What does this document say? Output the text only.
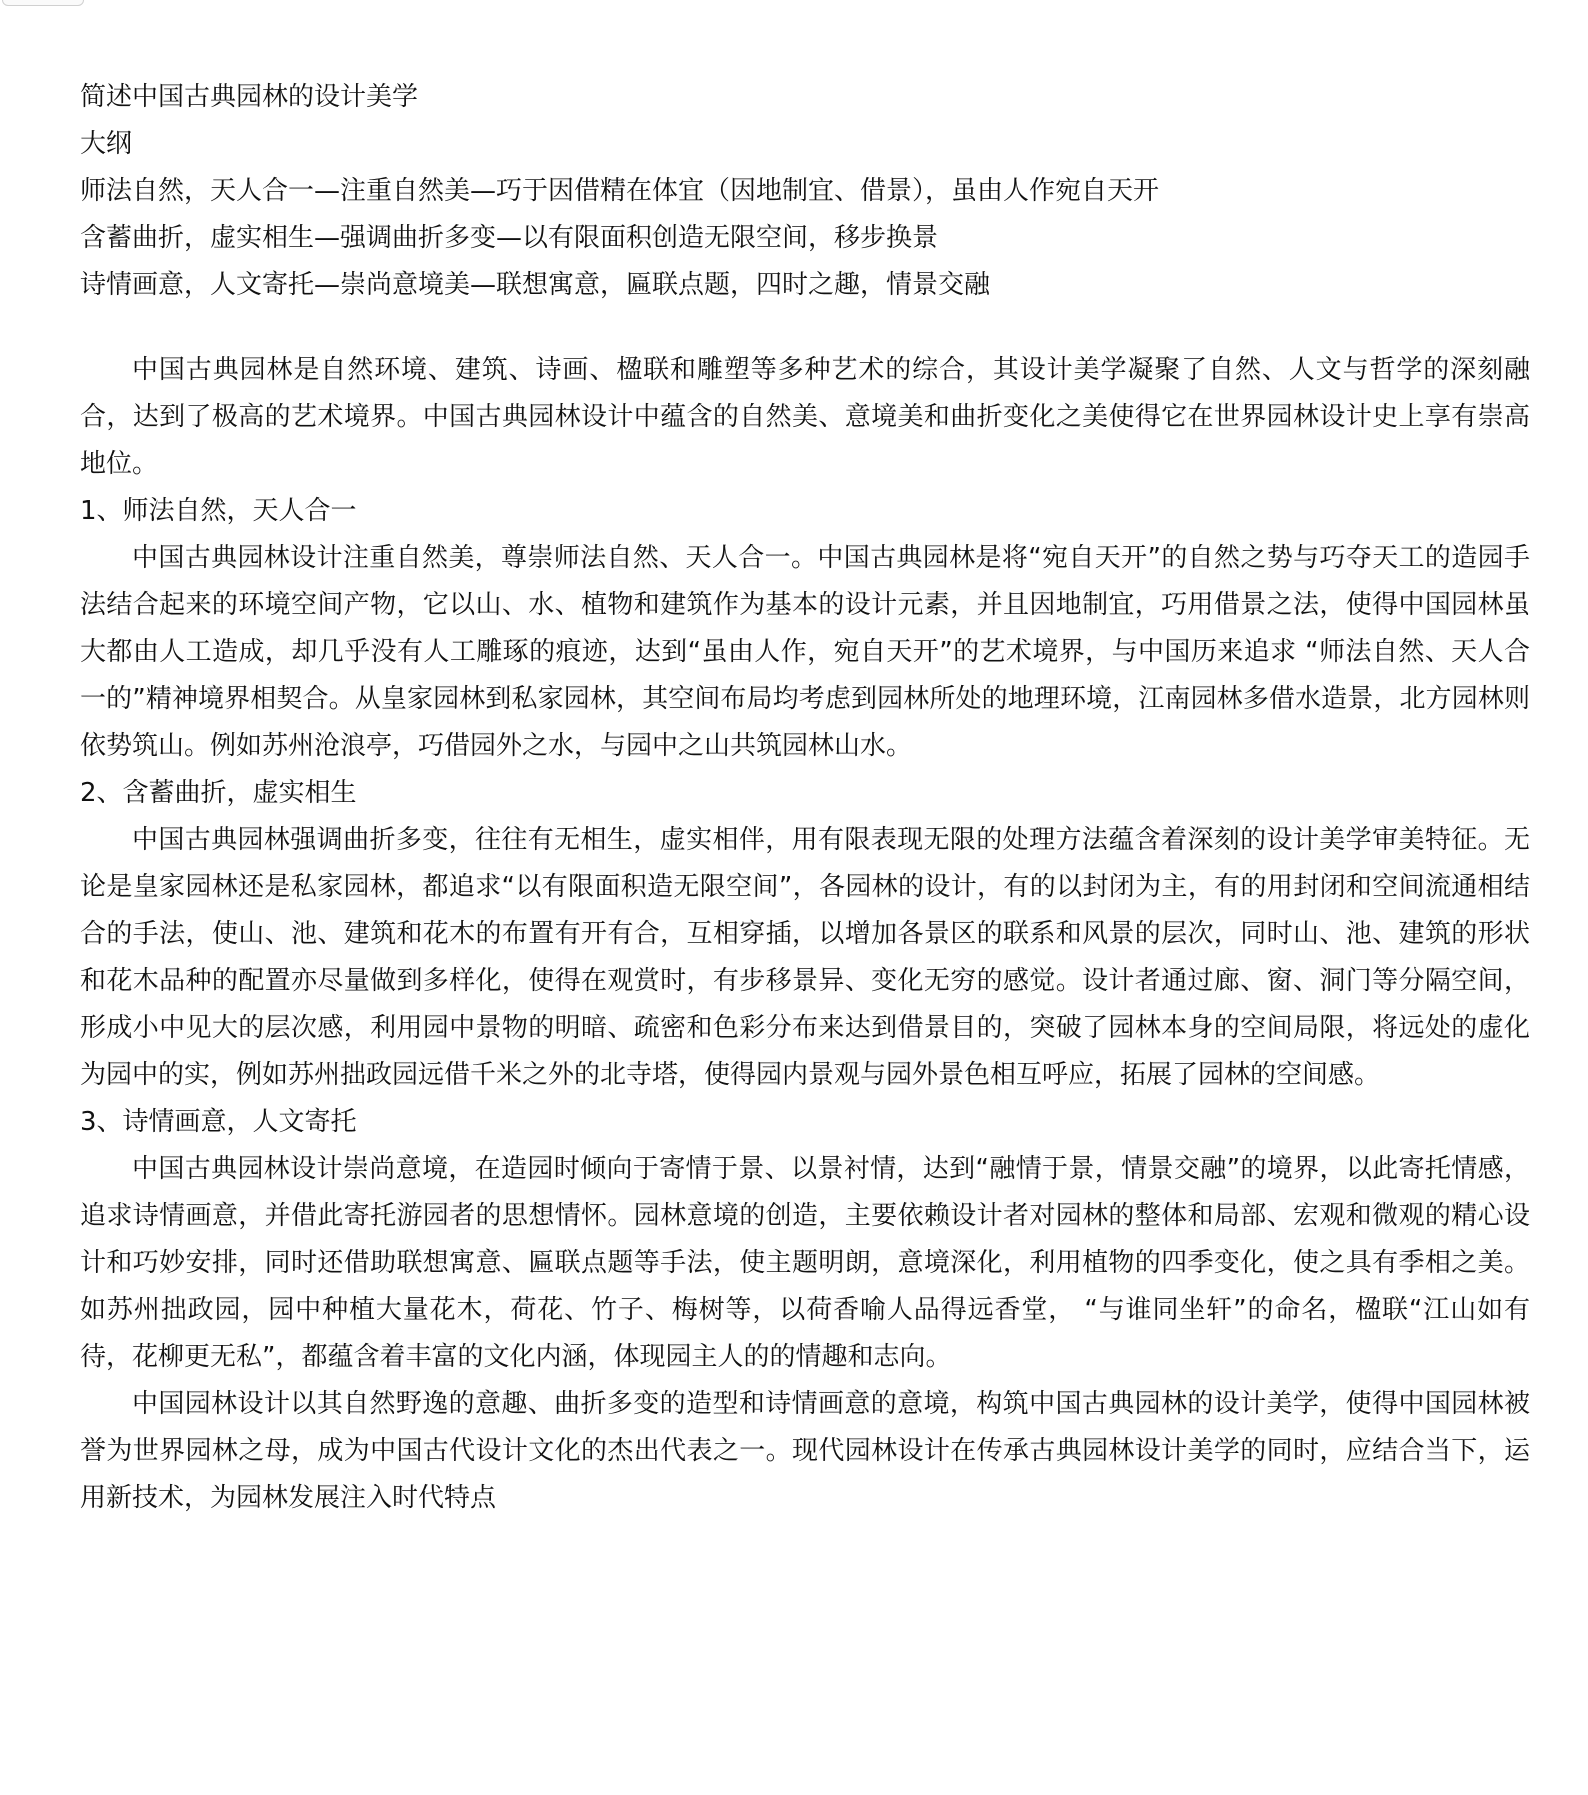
简述中国古典园林的设计美学
大纲
师法自然，天人合一—注重自然美—巧于因借精在体宜（因地制宜、借景），虽由人作宛自天开
含蓄曲折，虚实相生—强调曲折多变—以有限面积创造无限空间，移步换景
诗情画意，人文寄托—崇尚意境美—联想寓意，匾联点题，四时之趣，情景交融

中国古典园林是自然环境、建筑、诗画、楹联和雕塑等多种艺术的综合，其设计美学凝聚了自然、人文与哲学的深刻融合，达到了极高的艺术境界。中国古典园林设计中蕴含的自然美、意境美和曲折变化之美使得它在世界园林设计史上享有崇高地位。

1、师法自然，天人合一

中国古典园林设计注重自然美，尊崇师法自然、天人合一。中国古典园林是将“宛自天开”的自然之势与巧夺天工的造园手法结合起来的环境空间产物，它以山、水、植物和建筑作为基本的设计元素，并且因地制宜，巧用借景之法，使得中国园林虽大都由人工造成，却几乎没有人工雕琢的痕迹，达到“虽由人作，宛自天开”的艺术境界，与中国历来追求 “师法自然、天人合一的”精神境界相契合。从皇家园林到私家园林，其空间布局均考虑到园林所处的地理环境，江南园林多借水造景，北方园林则依势筑山。例如苏州沧浪亭，巧借园外之水，与园中之山共筑园林山水。

2、含蓄曲折，虚实相生

中国古典园林强调曲折多变，往往有无相生，虚实相伴，用有限表现无限的处理方法蕴含着深刻的设计美学审美特征。无论是皇家园林还是私家园林，都追求“以有限面积造无限空间”，各园林的设计，有的以封闭为主，有的用封闭和空间流通相结合的手法，使山、池、建筑和花木的布置有开有合，互相穿插，以增加各景区的联系和风景的层次，同时山、池、建筑的形状和花木品种的配置亦尽量做到多样化，使得在观赏时，有步移景异、变化无穷的感觉。设计者通过廊、窗、洞门等分隔空间，形成小中见大的层次感，利用园中景物的明暗、疏密和色彩分布来达到借景目的，突破了园林本身的空间局限，将远处的虚化为园中的实，例如苏州拙政园远借千米之外的北寺塔，使得园内景观与园外景色相互呼应，拓展了园林的空间感。

3、诗情画意，人文寄托

中国古典园林设计崇尚意境，在造园时倾向于寄情于景、以景衬情，达到“融情于景，情景交融”的境界，以此寄托情感，追求诗情画意，并借此寄托游园者的思想情怀。园林意境的创造，主要依赖设计者对园林的整体和局部、宏观和微观的精心设计和巧妙安排，同时还借助联想寓意、匾联点题等手法，使主题明朗，意境深化，利用植物的四季变化，使之具有季相之美。如苏州拙政园，园中种植大量花木，荷花、竹子、梅树等，以荷香喻人品得远香堂， “与谁同坐轩”的命名，楹联“江山如有待，花柳更无私”，都蕴含着丰富的文化内涵，体现园主人的的情趣和志向。

中国园林设计以其自然野逸的意趣、曲折多变的造型和诗情画意的意境，构筑中国古典园林的设计美学，使得中国园林被誉为世界园林之母，成为中国古代设计文化的杰出代表之一。现代园林设计在传承古典园林设计美学的同时，应结合当下，运用新技术，为园林发展注入时代特点
